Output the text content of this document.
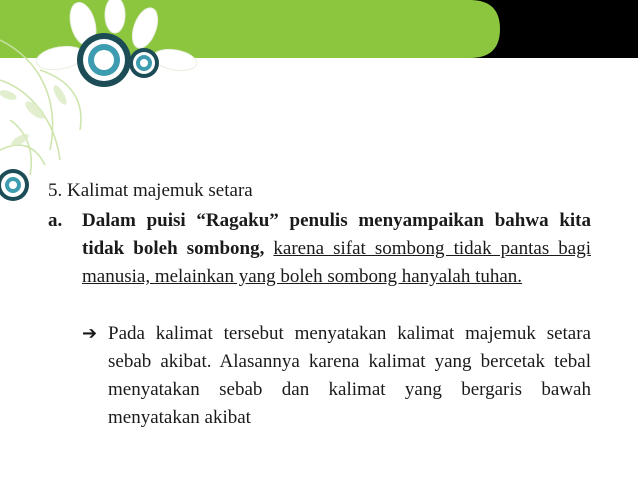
5. Kalimat majemuk setara
a. Dalam puisi “Ragaku” penulis menyampaikan bahwa kita tidak boleh sombong, karena sifat sombong tidak pantas bagi manusia, melainkan yang boleh sombong hanyalah tuhan.
➔ Pada kalimat tersebut menyatakan kalimat majemuk setara sebab akibat. Alasannya karena kalimat yang bercetak tebal menyatakan sebab dan kalimat yang bergaris bawah menyatakan akibat
